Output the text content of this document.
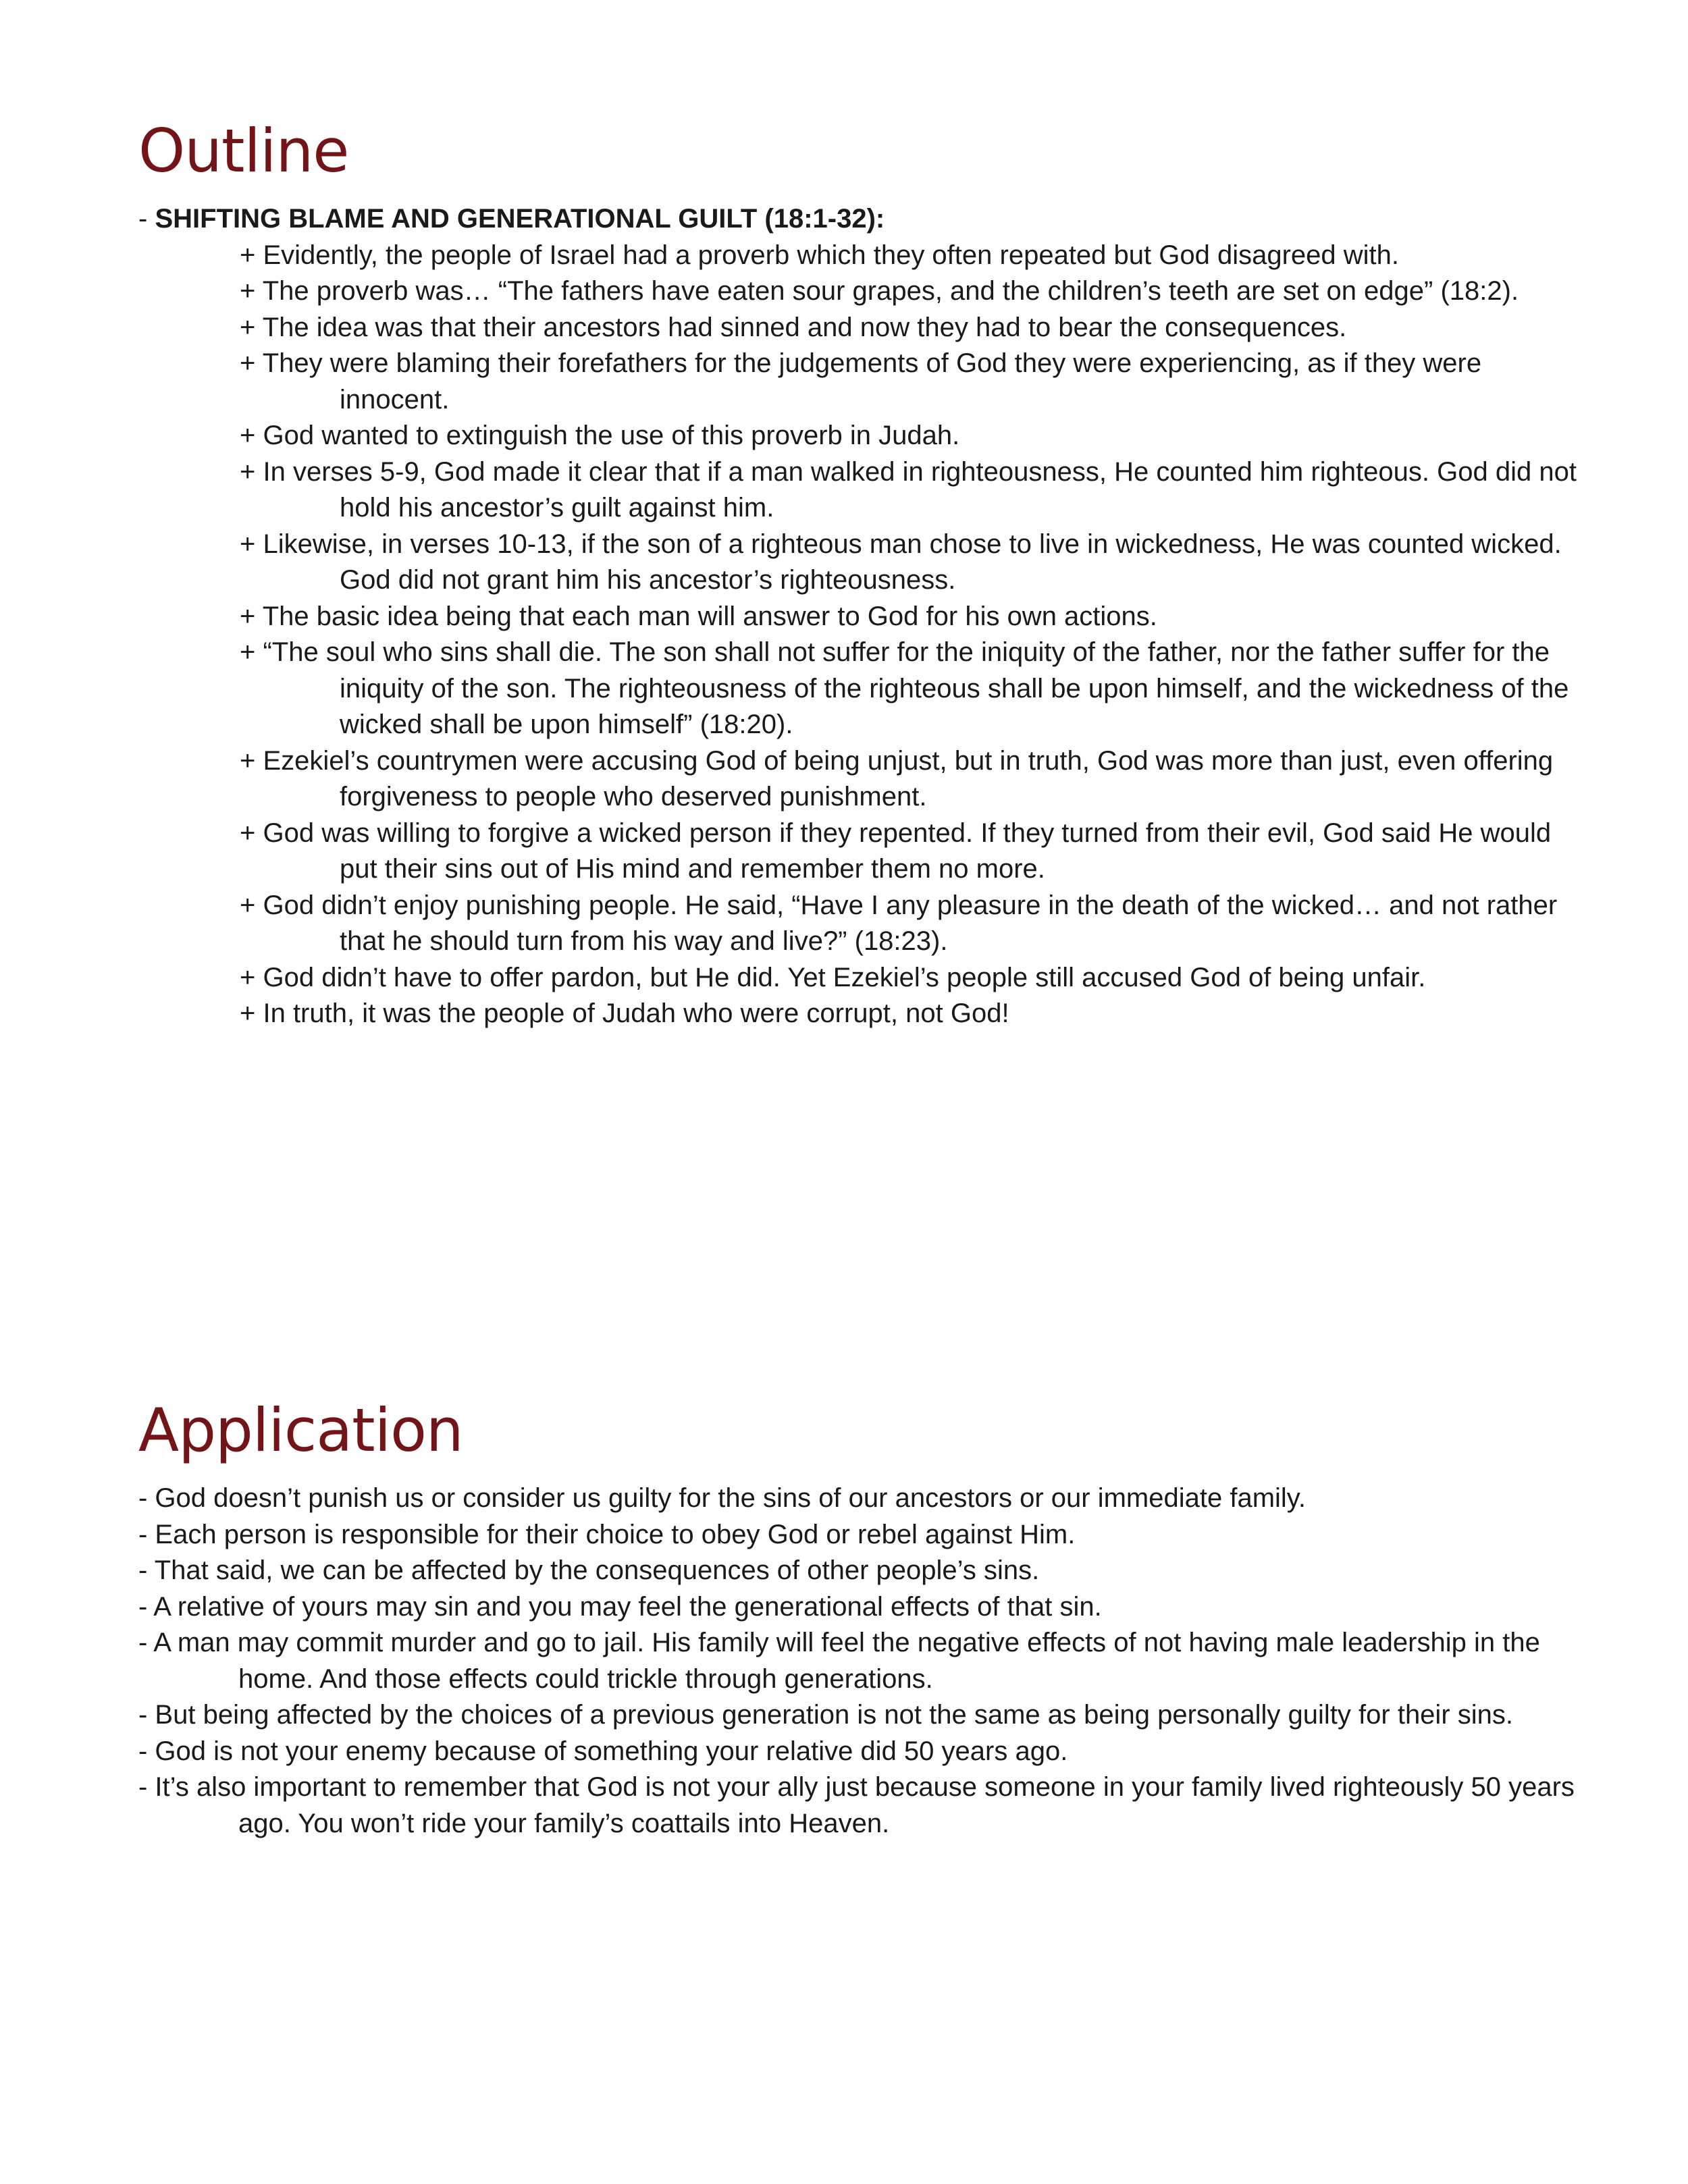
Outline
- SHIFTING BLAME AND GENERATIONAL GUILT (18:1-32):
+ Evidently, the people of Israel had a proverb which they often repeated but God disagreed with.
+ The proverb was… “The fathers have eaten sour grapes, and the children’s teeth are set on edge” (18:2).
+ The idea was that their ancestors had sinned and now they had to bear the consequences.
+ They were blaming their forefathers for the judgements of God they were experiencing, as if they were innocent.
+ God wanted to extinguish the use of this proverb in Judah.
+ In verses 5-9, God made it clear that if a man walked in righteousness, He counted him righteous. God did not hold his ancestor’s guilt against him.
+ Likewise, in verses 10-13, if the son of a righteous man chose to live in wickedness, He was counted wicked. God did not grant him his ancestor’s righteousness.
+ The basic idea being that each man will answer to God for his own actions.
+ “The soul who sins shall die. The son shall not suffer for the iniquity of the father, nor the father suffer for the iniquity of the son. The righteousness of the righteous shall be upon himself, and the wickedness of the wicked shall be upon himself” (18:20).
+ Ezekiel’s countrymen were accusing God of being unjust, but in truth, God was more than just, even offering forgiveness to people who deserved punishment.
+ God was willing to forgive a wicked person if they repented. If they turned from their evil, God said He would put their sins out of His mind and remember them no more.
+ God didn’t enjoy punishing people. He said, “Have I any pleasure in the death of the wicked… and not rather that he should turn from his way and live?” (18:23).
+ God didn’t have to offer pardon, but He did. Yet Ezekiel’s people still accused God of being unfair.
+ In truth, it was the people of Judah who were corrupt, not God!
Application
- God doesn’t punish us or consider us guilty for the sins of our ancestors or our immediate family.
- Each person is responsible for their choice to obey God or rebel against Him.
- That said, we can be affected by the consequences of other people’s sins.
- A relative of yours may sin and you may feel the generational effects of that sin.
- A man may commit murder and go to jail. His family will feel the negative effects of not having male leadership in the home. And those effects could trickle through generations.
- But being affected by the choices of a previous generation is not the same as being personally guilty for their sins.
- God is not your enemy because of something your relative did 50 years ago.
- It’s also important to remember that God is not your ally just because someone in your family lived righteously 50 years ago. You won’t ride your family’s coattails into Heaven.
